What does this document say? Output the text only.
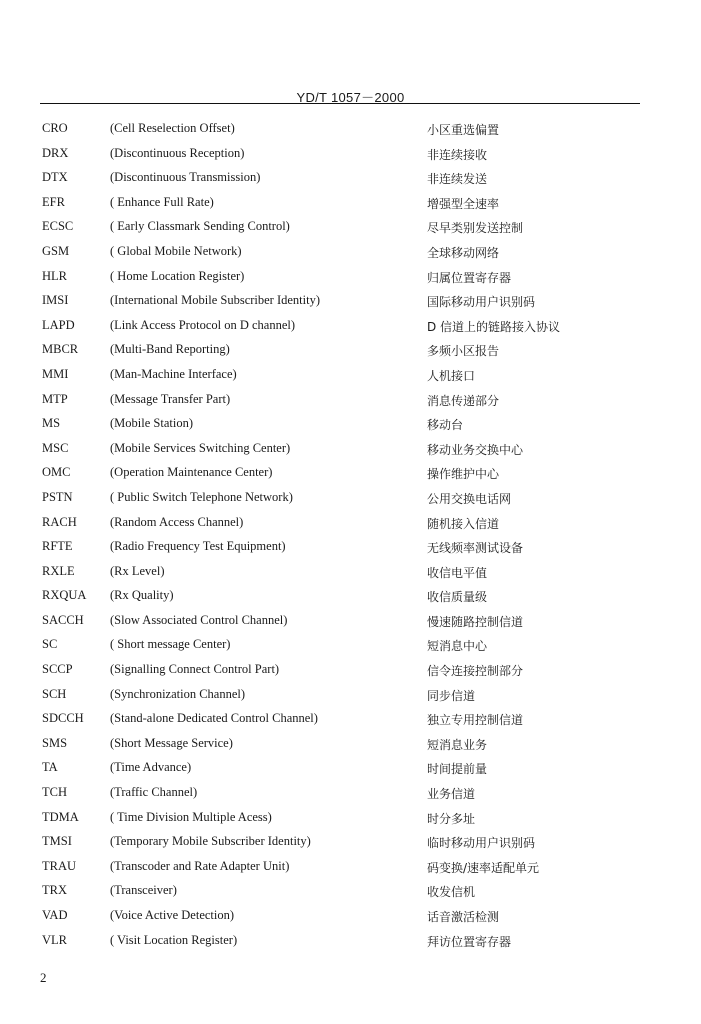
YD/T 1057－2000
CRO	(Cell Reselection Offset)	小区重选偏置
DRX	(Discontinuous Reception)	非连续接收
DTX	(Discontinuous Transmission)	非连续发送
EFR	( Enhance Full Rate)	增强型全速率
ECSC	( Early Classmark Sending Control)	尽早类别发送控制
GSM	( Global Mobile Network)	全球移动网络
HLR	( Home Location Register)	归属位置寄存器
IMSI	(International Mobile Subscriber Identity)	国际移动用户识别码
LAPD	(Link Access Protocol on D channel)	D 信道上的链路接入协议
MBCR	(Multi-Band Reporting)	多频小区报告
MMI	(Man-Machine Interface)	人机接口
MTP	(Message Transfer Part)	消息传递部分
MS	(Mobile Station)	移动台
MSC	(Mobile Services Switching Center)	移动业务交换中心
OMC	(Operation Maintenance Center)	操作维护中心
PSTN	( Public Switch Telephone Network)	公用交换电话网
RACH	(Random Access Channel)	随机接入信道
RFTE	(Radio Frequency Test Equipment)	无线频率测试设备
RXLE	(Rx Level)	收信电平值
RXQUA (Rx Quality)	收信质量级
SACCH (Slow Associated Control Channel)	慢速随路控制信道
SC	( Short message Center)	短消息中心
SCCP	(Signalling Connect Control Part)	信令连接控制部分
SCH	(Synchronization Channel)	同步信道
SDCCH (Stand-alone Dedicated Control Channel)	独立专用控制信道
SMS	(Short Message Service)	短消息业务
TA	(Time Advance)	时间提前量
TCH	(Traffic Channel)	业务信道
TDMA ( Time Division Multiple Acess)	时分多址
TMSI	(Temporary Mobile Subscriber Identity)	临时移动用户识别码
TRAU	(Transcoder and Rate Adapter Unit)	码变换/速率适配单元
TRX	(Transceiver)	收发信机
VAD	(Voice Active Detection)	话音激活检测
VLR	( Visit Location Register)	拜访位置寄存器
2
